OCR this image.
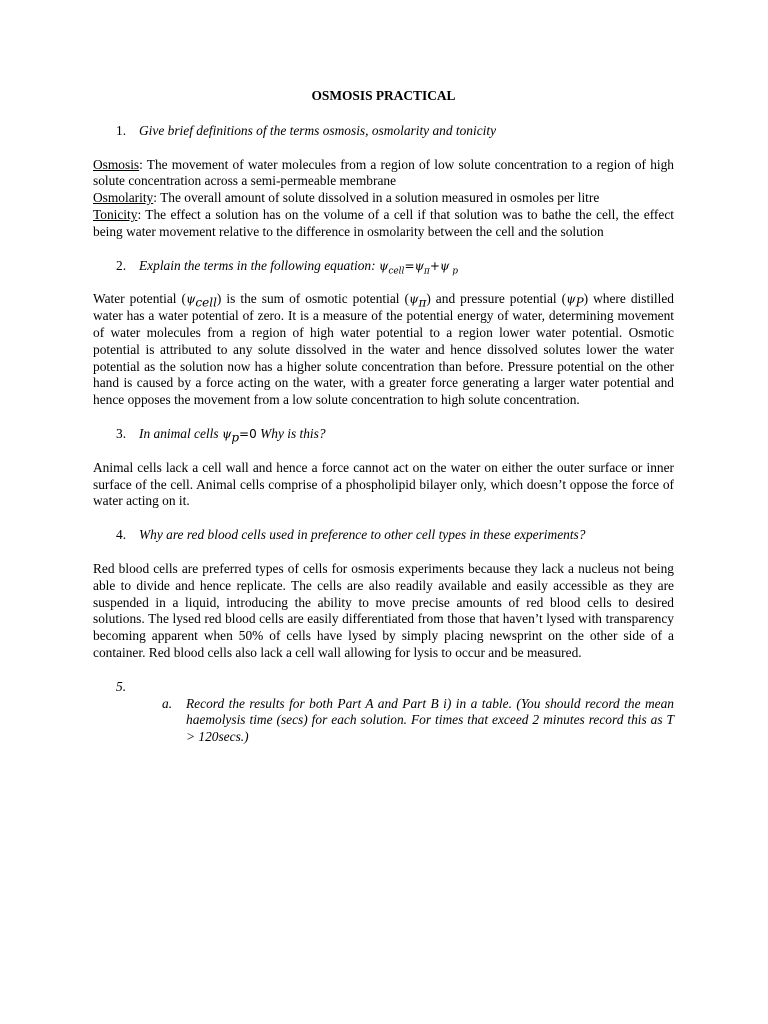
OSMOSIS PRACTICAL

1. Give brief definitions of the terms osmosis, osmolarity and tonicity

Osmosis: The movement of water molecules from a region of low solute concentration to a region of high solute concentration across a semi-permeable membrane

Osmolarity: The overall amount of solute dissolved in a solution measured in osmoles per litre

Tonicity: The effect a solution has on the volume of a cell if that solution was to bathe the cell, the effect being water movement relative to the difference in osmolarity between the cell and the solution

2. Explain the terms in the following equation: $\psi_{cell}=\psi_\pi+\psi$ $_p$

Water potential $(\psi_{cell})$ is the sum of osmotic potential $(\psi_\pi)$ and pressure potential $(\psi_P)$ where distilled water has a water potential of zero. It is a measure of the potential energy of water, determining movement of water molecules from a region of high water potential to a region lower water potential. Osmotic potential is attributed to any solute dissolved in the water and hence dissolved solutes lower the water potential as the solution now has a higher solute concentration than before. Pressure potential on the other hand is caused by a force acting on the water, with a greater force generating a larger water potential and hence opposes the movement from a low solute concentration to high solute concentration.

3. In animal cells $\psi_p=0$ Why is this?

Animal cells lack a cell wall and hence a force cannot act on the water on either the outer surface or inner surface of the cell. Animal cells comprise of a phospholipid bilayer only, which doesn’t oppose the force of water acting on it.

4. Why are red blood cells used in preference to other cell types in these experiments?

Red blood cells are preferred types of cells for osmosis experiments because they lack a nucleus not being able to divide and hence replicate. The cells are also readily available and easily accessible as they are suspended in a liquid, introducing the ability to move precise amounts of red blood cells to desired solutions. The lysed red blood cells are easily differentiated from those that haven’t lysed with transparency becoming apparent when 50% of cells have lysed by simply placing newsprint on the other side of a container. Red blood cells also lack a cell wall allowing for lysis to occur and be measured.

5.

a.	Record the results for both Part A and Part B i) in a table. (You should record the mean haemolysis time (secs) for each solution. For times that exceed 2 minutes record this as T > 120secs.)
